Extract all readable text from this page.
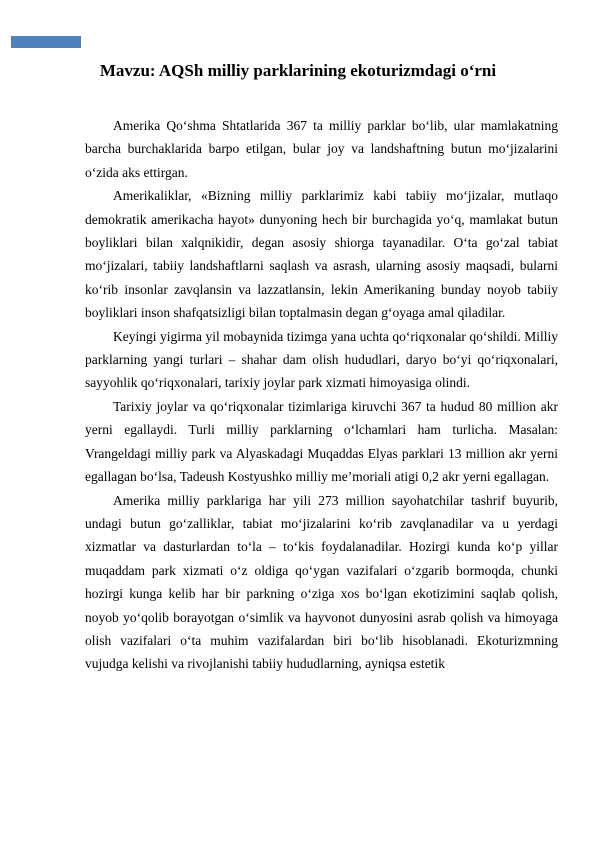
Mavzu: AQSh milliy parklarining ekoturizmdagi o‘rni

Amerika Qo‘shma Shtatlarida 367 ta milliy parklar bo‘lib, ular mamlakatning barcha burchaklarida barpo etilgan, bular joy va landshaftning butun mo‘jizalarini o‘zida aks ettirgan.

Amerikaliklar, «Bizning milliy parklarimiz kabi tabiiy mo‘jizalar, mutlaqo demokratik amerikacha hayot» dunyoning hech bir burchagida yo‘q, mamlakat butun boyliklari bilan xalqnikidir, degan asosiy shiorga tayanadilar. O‘ta go‘zal tabiat mo‘jizalari, tabiiy landshaftlarni saqlash va asrash, ularning asosiy maqsadi, bularni ko‘rib insonlar zavqlansin va lazzatlansin, lekin Amerikaning bunday noyob tabiiy boyliklari inson shafqatsizligi bilan toptalmasin degan g‘oyaga amal qiladilar.

Keyingi yigirma yil mobaynida tizimga yana uchta qo‘riqxonalar qo‘shildi. Milliy parklarning yangi turlari – shahar dam olish hududlari, daryo bo‘yi qo‘riqxonalari, sayyohlik qo‘riqxonalari, tarixiy joylar park xizmati himoyasiga olindi.

Tarixiy joylar va qo‘riqxonalar tizimlariga kiruvchi 367 ta hudud 80 million akr yerni egallaydi. Turli milliy parklarning o‘lchamlari ham turlicha. Masalan: Vrangeldagi milliy park va Alyaskadagi Muqaddas Elyas parklari 13 million akr yerni egallagan bo‘lsa, Tadeush Kostyushko milliy me’moriali atigi 0,2 akr yerni egallagan.

Amerika milliy parklariga har yili 273 million sayohatchilar tashrif buyurib, undagi butun go‘zalliklar, tabiat mo‘jizalarini ko‘rib zavqlanadilar va u yerdagi xizmatlar va dasturlardan to‘la – to‘kis foydalanadilar. Hozirgi kunda ko‘p yillar muqaddam park xizmati o‘z oldiga qo‘ygan vazifalari o‘zgarib bormoqda, chunki hozirgi kunga kelib har bir parkning o‘ziga xos bo‘lgan ekotizimini saqlab qolish, noyob yo‘qolib borayotgan o‘simlik va hayvonot dunyosini asrab qolish va himoyaga olish vazifalari o‘ta muhim vazifalardan biri bo‘lib hisoblanadi. Ekoturizmning vujudga kelishi va rivojlanishi tabiiy hududlarning, ayniqsa estetik
